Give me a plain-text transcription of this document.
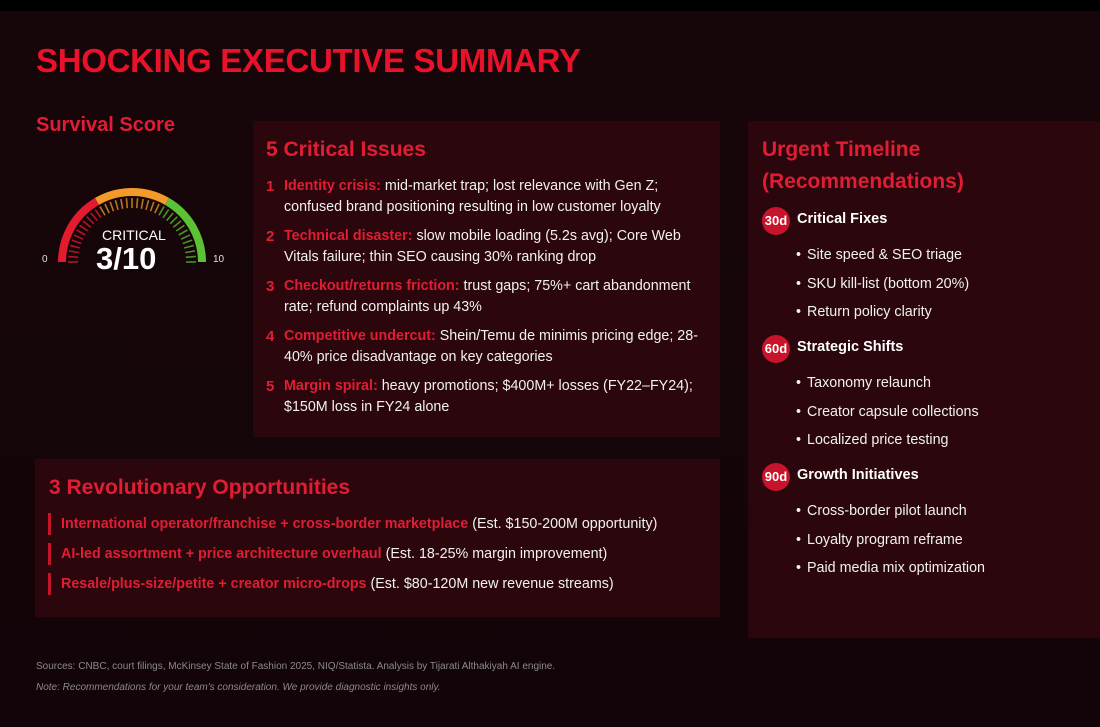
SHOCKING EXECUTIVE SUMMARY
Survival Score
CRITICAL
3/10
0	10
5 Critical Issues
1 Identity crisis: mid-market trap; lost relevance with Gen Z; confused brand positioning resulting in low customer loyalty
2 Technical disaster: slow mobile loading (5.2s avg); Core Web Vitals failure; thin SEO causing 30% ranking drop
3 Checkout/returns friction: trust gaps; 75%+ cart abandonment rate; refund complaints up 43%
4 Competitive undercut: Shein/Temu de minimis pricing edge; 28-40% price disadvantage on key categories
5 Margin spiral: heavy promotions; $400M+ losses (FY22–FY24); $150M loss in FY24 alone
3 Revolutionary Opportunities
International operator/franchise + cross-border marketplace (Est. $150-200M opportunity)
AI-led assortment + price architecture overhaul (Est. 18-25% margin improvement)
Resale/plus-size/petite + creator micro-drops (Est. $80-120M new revenue streams)
Urgent Timeline (Recommendations)
30d Critical Fixes
• Site speed & SEO triage
• SKU kill-list (bottom 20%)
• Return policy clarity
60d Strategic Shifts
• Taxonomy relaunch
• Creator capsule collections
• Localized price testing
90d Growth Initiatives
• Cross-border pilot launch
• Loyalty program reframe
• Paid media mix optimization
Sources: CNBC, court filings, McKinsey State of Fashion 2025, NIQ/Statista. Analysis by Tijarati Althakiyah AI engine.
Note: Recommendations for your team's consideration. We provide diagnostic insights only.
